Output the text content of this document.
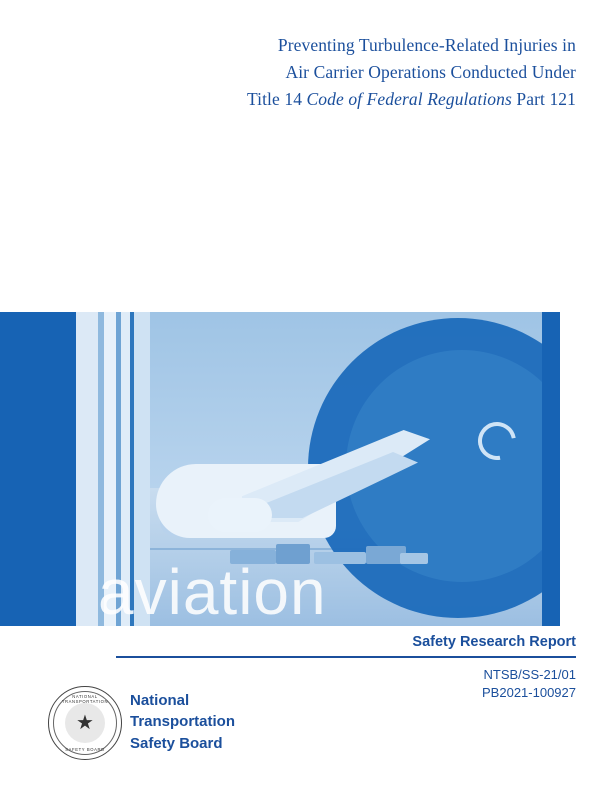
Preventing Turbulence-Related Injuries in
Air Carrier Operations Conducted Under
Title 14 Code of Federal Regulations Part 121
aviation
Safety Research Report
NTSB/SS-21/01
PB2021-100927
★
NATIONAL TRANSPORTATION
SAFETY BOARD
National
Transportation
Safety Board
